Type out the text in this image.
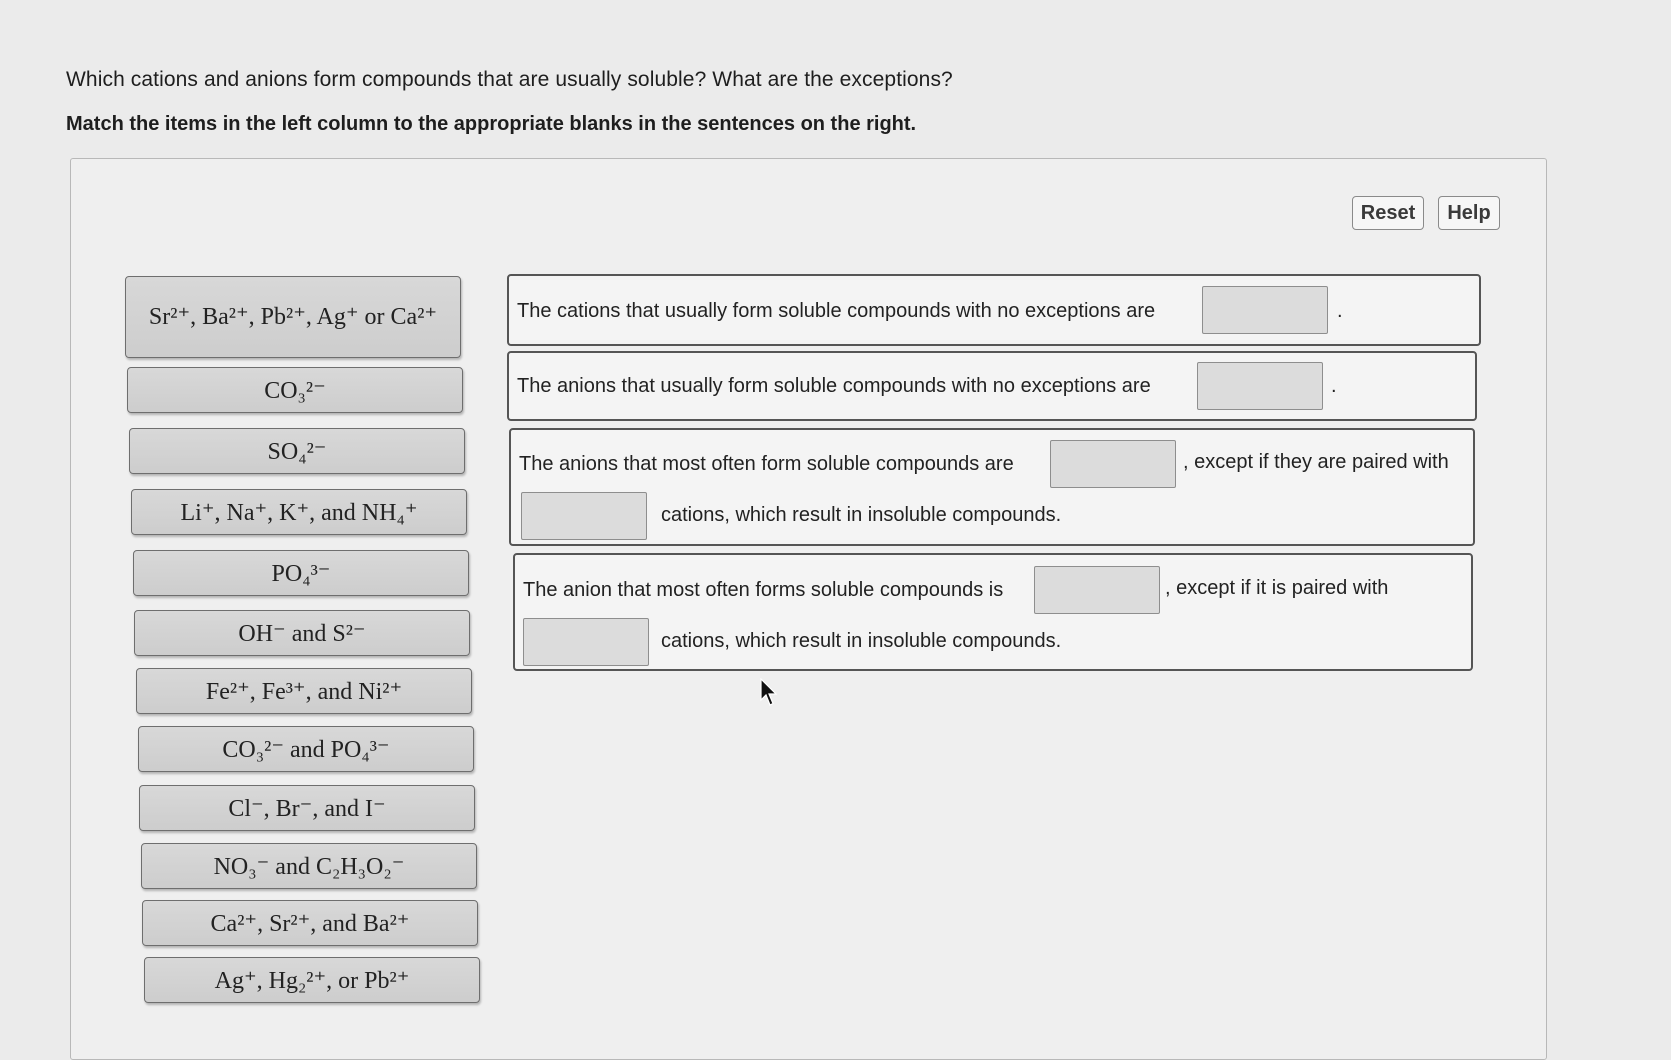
Which cations and anions form compounds that are usually soluble? What are the exceptions?
Match the items in the left column to the appropriate blanks in the sentences on the right.
Reset	Help
Sr²⁺, Ba²⁺, Pb²⁺, Ag⁺ or Ca²⁺
CO₃²⁻
SO₄²⁻
Li⁺, Na⁺, K⁺, and NH₄⁺
PO₄³⁻
OH⁻ and S²⁻
Fe²⁺, Fe³⁺, and Ni²⁺
CO₃²⁻ and PO₄³⁻
Cl⁻, Br⁻, and I⁻
NO₃⁻ and C₂H₃O₂⁻
Ca²⁺, Sr²⁺, and Ba²⁺
Ag⁺, Hg₂²⁺, or Pb²⁺
The cations that usually form soluble compounds with no exceptions are	.
The anions that usually form soluble compounds with no exceptions are	.
The anions that most often form soluble compounds are	, except if they are paired with
cations, which result in insoluble compounds.
The anion that most often forms soluble compounds is	, except if it is paired with
cations, which result in insoluble compounds.
